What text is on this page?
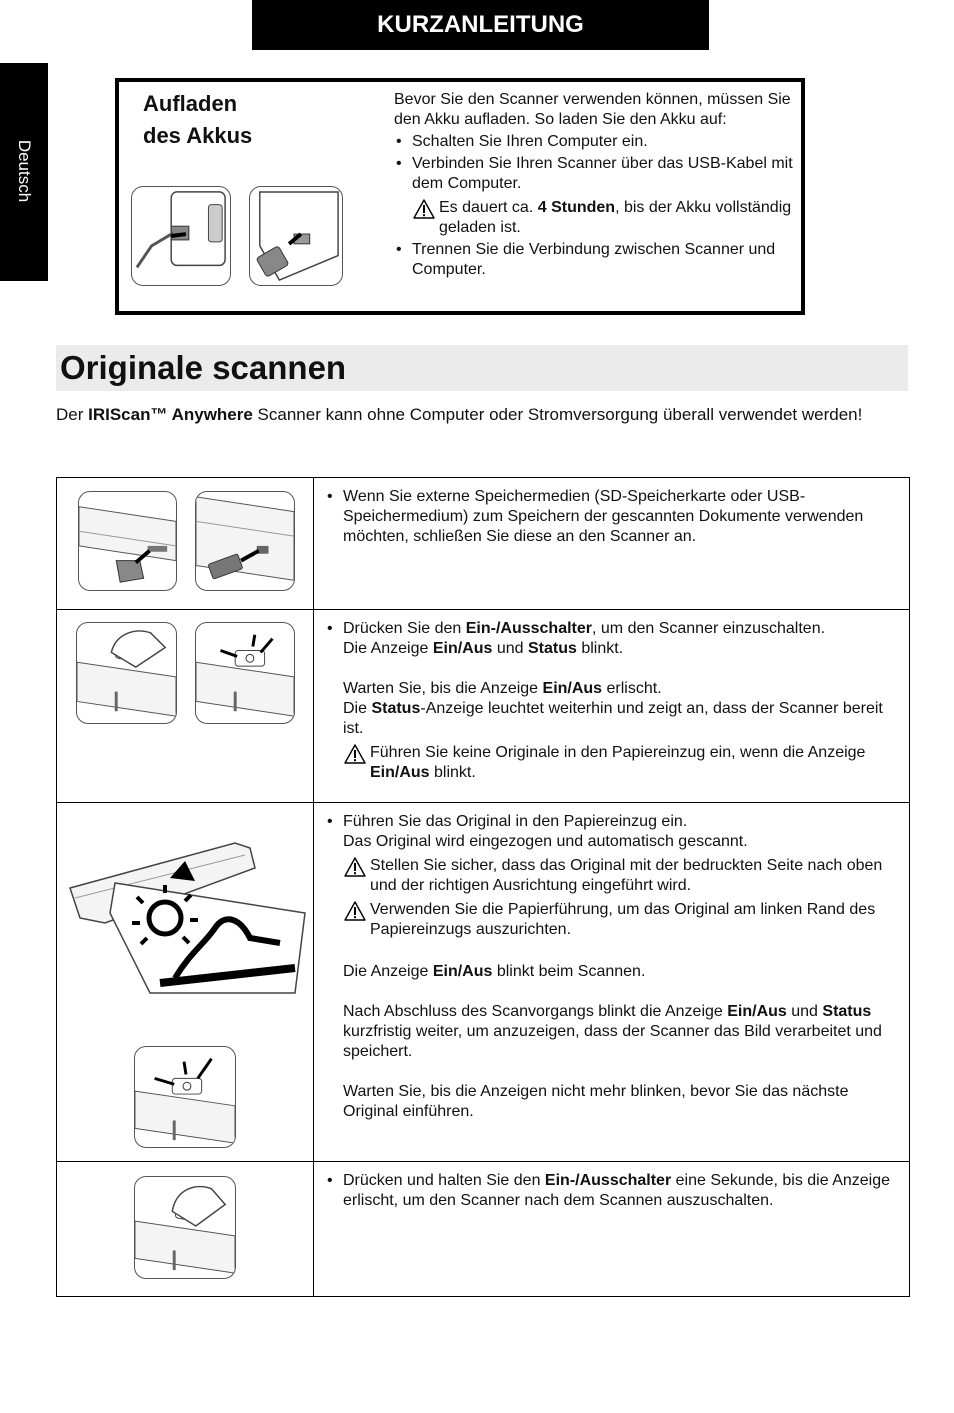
KURZANLEITUNG
Deutsch
Aufladen
des Akkus

Bevor Sie den Scanner verwenden können, müssen Sie den Akku aufladen. So laden Sie den Akku auf:

• Schalten Sie Ihren Computer ein.
• Verbinden Sie Ihren Scanner über das USB-Kabel mit dem Computer.
Es dauert ca. 4 Stunden, bis der Akku vollständig geladen ist.
• Trennen Sie die Verbindung zwischen Scanner und Computer.
Originale scannen
Der IRIScan™ Anywhere Scanner kann ohne Computer oder Stromversorgung überall verwendet werden!
• Wenn Sie externe Speichermedien (SD-Speicherkarte oder USB-Speichermedium) zum Speichern der gescannten Dokumente verwenden möchten, schließen Sie diese an den Scanner an.
• Drücken Sie den Ein-/Ausschalter, um den Scanner einzuschalten.

Die Anzeige Ein/Aus und Status blinkt.

Warten Sie, bis die Anzeige Ein/Aus erlischt.

Die Status-Anzeige leuchtet weiterhin und zeigt an, dass der Scanner bereit ist.

Führen Sie keine Originale in den Papiereinzug ein, wenn die Anzeige Ein/Aus blinkt.
• Führen Sie das Original in den Papiereinzug ein.

Das Original wird eingezogen und automatisch gescannt.

Stellen Sie sicher, dass das Original mit der bedruckten Seite nach oben und der richtigen Ausrichtung eingeführt wird.
Verwenden Sie die Papierführung, um das Original am linken Rand des Papiereinzugs auszurichten.

Die Anzeige Ein/Aus blinkt beim Scannen.

Nach Abschluss des Scanvorgangs blinkt die Anzeige Ein/Aus und Status kurzfristig weiter, um anzuzeigen, dass der Scanner das Bild verarbeitet und speichert.

Warten Sie, bis die Anzeigen nicht mehr blinken, bevor Sie das nächste Original einführen.

• Drücken und halten Sie den Ein-/Ausschalter eine Sekunde, bis die Anzeige erlischt, um den Scanner nach dem Scannen auszuschalten.
